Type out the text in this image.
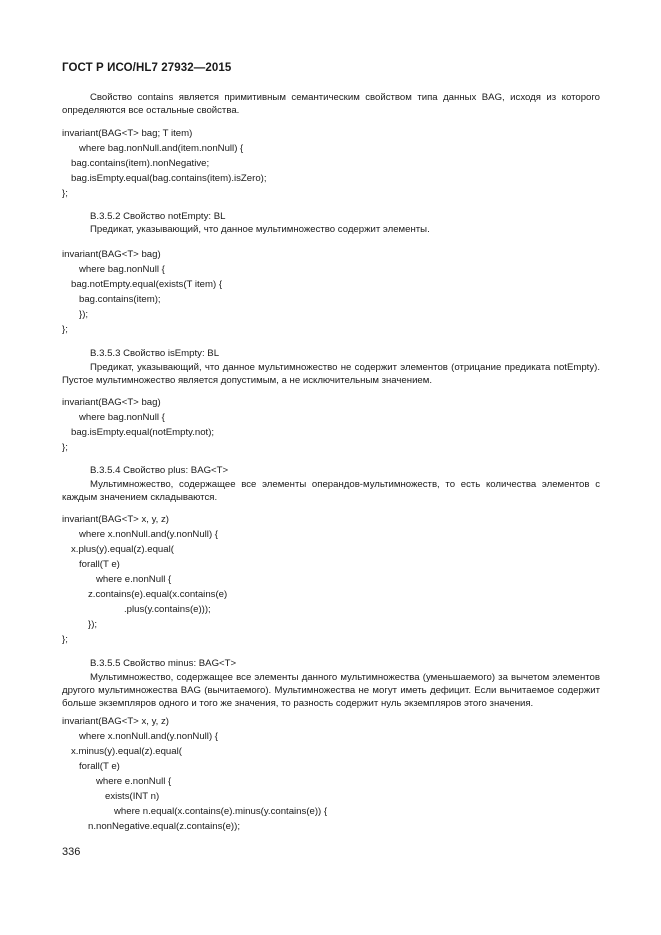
ГОСТ Р ИСО/HL7 27932—2015
Свойство contains является примитивным семантическим свойством типа данных BAG, исходя из которого определяются все остальные свойства.
invariant(BAG<T> bag; T item)
where bag.nonNull.and(item.nonNull) {
bag.contains(item).nonNegative;
bag.isEmpty.equal(bag.contains(item).isZero);
};
B.3.5.2 Свойство notEmpty: BL
Предикат, указывающий, что данное мультимножество содержит элементы.
invariant(BAG<T> bag)
where bag.nonNull {
bag.notEmpty.equal(exists(T item) {
bag.contains(item);
});
};
B.3.5.3 Свойство isEmpty: BL
Предикат, указывающий, что данное мультимножество не содержит элементов (отрицание предиката notEmpty). Пустое мультимножество является допустимым, а не исключительным значением.
invariant(BAG<T> bag)
where bag.nonNull {
bag.isEmpty.equal(notEmpty.not);
};
B.3.5.4 Свойство plus: BAG<T>
Мультимножество, содержащее все элементы операндов-мультимножеств, то есть количества элементов с каждым значением складываются.
invariant(BAG<T> x, y, z)
where x.nonNull.and(y.nonNull) {
x.plus(y).equal(z).equal(
forall(T e)
where e.nonNull {
z.contains(e).equal(x.contains(e)
.plus(y.contains(e)));
});
};
B.3.5.5 Свойство minus: BAG<T>
Мультимножество, содержащее все элементы данного мультимножества (уменьшаемого) за вычетом элементов другого мультимножества BAG (вычитаемого). Мультимножества не могут иметь дефицит. Если вычитаемое содержит больше экземпляров одного и того же значения, то разность содержит нуль экземпляров этого значения.
invariant(BAG<T> x, y, z)
where x.nonNull.and(y.nonNull) {
x.minus(y).equal(z).equal(
forall(T e)
where e.nonNull {
exists(INT n)
where n.equal(x.contains(e).minus(y.contains(e)) {
n.nonNegative.equal(z.contains(e));
336
